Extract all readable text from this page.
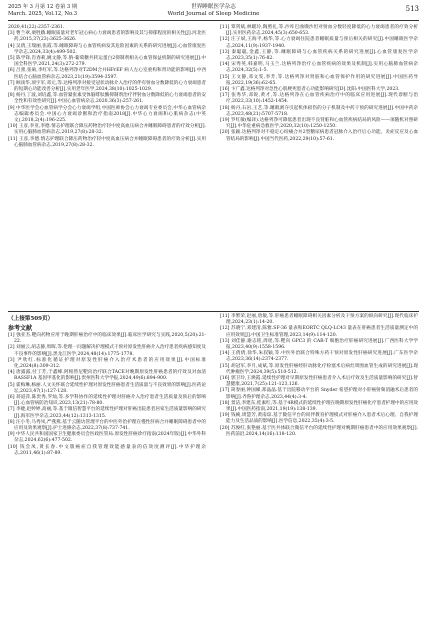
2025 年 3 月第 12 卷第 3 期
March. 2025, Vol.12, No.3
世界睡眠医学杂志
World Journal of Sleep Medicine
513

2020,41(22):2357-2361.

[3] 曹兰翠,栗胜娥.睡眠质量对老年冠心病心力衰竭患者的影响及其与抑郁程度的相关性[J].河北医药,2015,37(23):3625-3626.

[4] 吴倩,王瑞丽,张霞.等.睡眠障碍与心血管疾病发其危险因素的关系的研究进展[J].心血管康复医学杂志,2024,33(4):499-502.

[5] 陈学锋,肖春莉,姚文静,等.钠-葡萄糖共转运蛋白2抑制剂相关心血管保益机制的研究进展[J].中国全科医学,2021,24(3):272-279.

[6] 吕蕾,张硕,李红军,等.达格列净对T2DM合并HFrEF 病人左心室重构和肾功能的影响[J].中西医结合心脑血管病杂志,2023,21(19):3594-3597.

[7] 顾谈华,项宇军,邓元,等.达格列净对接受冠状动脉介入治疗的伴有射血分数降低的心力衰竭患者的短期心功能改善分析[J].实用老年医学,2024,38(10):1025-1029.

[8] 杨丹,丁波,刘培鑫,等.血管紧张素受体脑啡肽酶抑制剂治疗伴射血分数降低的心力衰竭患者的安全性和有效性研究[J].中国心血管病杂志,2020,36(3):257-261.

[9] 中华医学会心血管病学分会心力衰竭学组,中国医师协会心力衰竭专业委员会,中华心血管病杂志编辑委员会.中国心力衰竭诊断和治疗指南2018[J].中华心力衰竭和心肌病杂志(中英文),2018,2(4):196-225.

[10] 王彦,李亚,李德.情志护理联合降压药物治疗轻中度高血压病合并睡眠障碍患者的疗效分析[J].实用心脑肺血管病杂志,2019,27(8):28-32.

[11] 王彦,李德.情志护理联合降压药物治疗轻中度高血压病合并睡眠障碍患者的疗效分析[J].实用心脑肺血管病杂志,2019,27(8):28-32.

[11] 覃剑斌,林暖玲,陶照礼,等.沙库巴曲缬沙坦对射血分数轻度降低的心力衰竭患者的疗效分析[J].实用医药杂志,2024,45(3):650-653.

[12] 庄子斌,王海平,杨华,等.心力衰竭住院患者睡眠质量与预后相关的研究[J].中国睡眠医学杂志,2024,11(9):1937-1940.

[13] 秦聪聪,金鑫,王静,等.睡眠障碍与心血管疾病关系的研究进展[J].心血管康复医学杂志,2023,35(1):76-82.

[14] 宋秀英,韩嘉明,马玉兰.达格列净治疗心血管疾病的效果及机制[J].实用心脑肺血管病杂志,2024,32(5):1-5.

[15] 王文静,邓文雯,李芳,等.达格列净对肾脏和心血管保护作用的研究进展[J].中国医药导报,2022,19(36):62-65.

[16] 卞广鑫.达格列净对急性心肌梗死患者心功能影响研究[D].沈阳:中国医科大学,2023.

[17] 张秀华,邓锐,黄才,等.达格列净在心血管疾病治疗中的临床应用进展[J].现代诊断与治疗,2022,33(10):1452-1454.

[18] 杨丹,石岩,王艺,等.睡眠剥夺引起机体损伤的分子机制及中药干预的研究进展[J].中国中药杂志,2023,48(21):5707-5718.

[19] 罗红敏(编译).达格列净可降低患者出现不良肾脏和心血管疾病结局的风险——项随机对照研究[J].中华危重病急救医学,2020,32(10):1250-1250.

[20] 张颖.达格列净对不稳定心绞痛合并2型糖尿病患者冠脉介入治疗后心功能、炎症反应及心血管结局的影响[J].中国当代医药,2022,29(10):57-61.

（上接第509页）
参考文献

[1] 强亚杰.靶向药物应用于晚期肝癌治疗中的临床效果[J].临床医学研究与实践,2020,5(20):21-22.

[2] 刘丽云,胡志静,周晖,等.伦理一问题解决护理模式干预对原发性肝癌介入治疗患者疾病感知度及不良事件的影响[J].黑龙江医学,2024,48(14):1775-1778.

[3] 尹欣红.标准化循证护理对原发性肝癌介入治疗术患者的应用效果[J].中国标准化,2024(8):309-312.

[4] 唐露露,付丁芳,于鑫峰.阿帕替尼靶向治疗联合TACE对晚期原发性肝癌患者的疗效及对血清 RASSF1A 基因甲基化的影响[J].贵州医科大学学报,2024,49(6):894-900.

[5] 霍梅琳,杨丽.人文关怀联合延续性护理对原发性肝癌患者生活质量与不良效果的影响[J].医药论坛,2023,47(1):127-128.

[6] 蒋道萍,陈贵秀,罗灿,等.多学科协作的延续性护理对肝癌介入治疗患者生活质量及预后的影响[J].心血管病防治知识,2023,13(21):78-80.

[7] 李婕,赵婷婷,高丽,等.基于微信智慧平台的延续性护理对肝癌出院患者居家生活质量影响的研究[J].海军医学杂志,2023,44(12):1313-1315.

[8] 汪小冬,马秀凤,严燕燕.基于云随访管理平台的中医外治护理在慢性肝病合并睡眠障碍患者中的应用及效果观察[J].护士进修杂志,2022,37(8):737-741.

[9] 中华人民共和国国家卫生健康委员会医政医管局.原发性肝癌诊疗指南(2024年版)[J].中华外科杂志,2024,62(6):477-502.

[10] 钱会凤,黄长春.中文版癌症自我管理效能感量表的信效度测评[J].中华护理杂志,2011,46(1):87-89.

[11] 李繁荣,赵丽,唐敏,等.肝癌患者睡眠障碍相关因素分析及干预方案的纵向研究[J].现代临床护理,2024,23(1):14-20.

[12] 苏晓宁,邓建清,陈雅.SF-36 量表和EORTC QLQ-LC43 量表在肝癌患者生活质量测定中的应用效果[J].中国卫生标准管理,2023,14(9):114-120.

[13] 刘佳静,谢志铭,周瑶,等.靶向 GPC3 的 CAR-T 细胞治疗肝癌研究进展[J].广西医科大学学报,2023,40(9):1558-1596.

[14] 王倩倩,徐华,朱叔颖,等.中医外治联合特殊方药干预对原发性肝癌研究进展[J].广东医学杂志,2023,36(14):2374-2377.

[15] 胡冠军,李月,成斌,等.原发性肝癌经肝动脉化疗栓塞术后病灶周围血管生成的研究进展[J].现代肿瘤医学,2024,39(5):510-512.

[16] 郭卫玲,王焕霞.延续性护理对早期原发性肝癌患者介入术后疗效及生活质量影响的研究[J].智慧健康,2021,7(25):121-123,126.

[17] 简春丽,钟国娣,郑晶晶.基于出院移动平台的 Snyder 希望护理对小肝癌射频消融术后患者的影响[J].齐鲁护理杂志,2023,44(4):3-4.

[18] 景洁,李建东,桂素红,等.基于4R模式的延续性护理在晚期原发性肝癌化疗患者护理中的应用效果[J].中国医药指南,2021,19(19):138-139.

[19] 钱姨,周慧芳,黄南琼.基于微信平台的同伴教育护理模式对肝癌介入患者术后心理、自我护理能力及生活品质的影响[J].医学信息,2022,35(4):3-5.

[20] 苏俊红,张艳丽.基于医共体联合微信平台的延续性护理对晚期肝癌患者中的应用效果观察[J].医药前沿,2024,14(16):118-120.
